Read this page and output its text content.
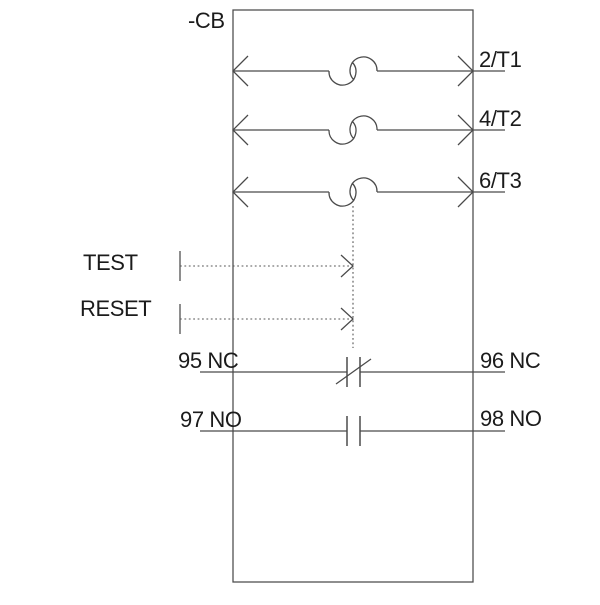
-CB
2/T1
4/T2
6/T3
TEST
RESET
95 NC	96 NC
97 NO	98 NO
